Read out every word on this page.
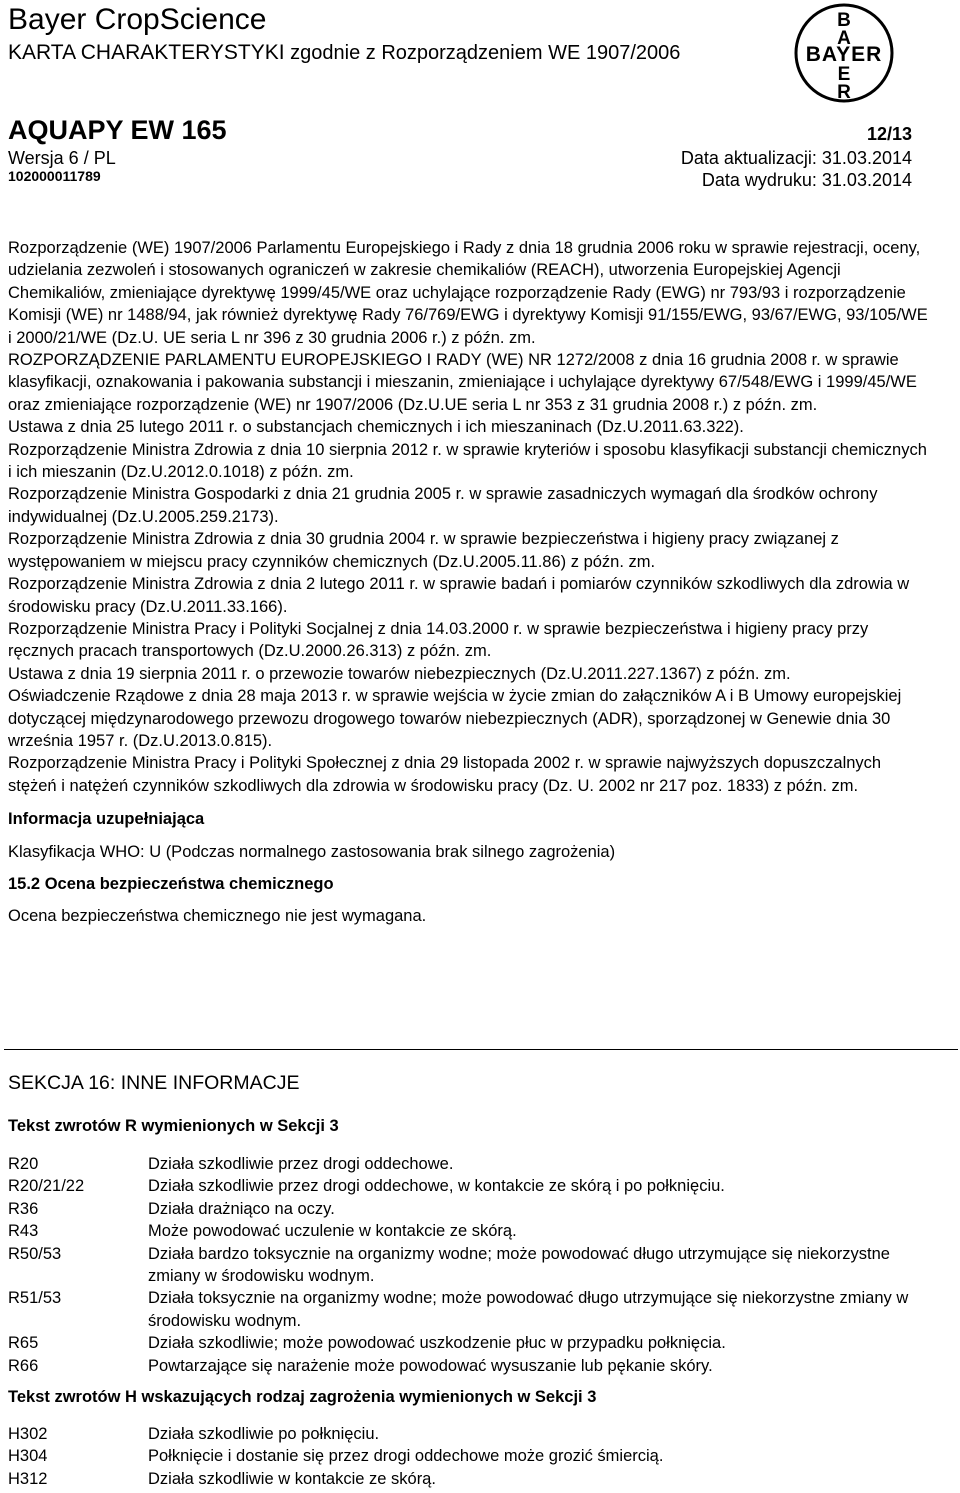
Bayer CropScience
KARTA CHARAKTERYSTYKI zgodnie z Rozporządzeniem WE 1907/2006
B
A
BAYER
E
R
AQUAPY EW 165	12/13
Wersja 6 / PL
102000011789
Data aktualizacji: 31.03.2014
Data wydruku: 31.03.2014

Rozporządzenie (WE) 1907/2006 Parlamentu Europejskiego i Rady z dnia 18 grudnia 2006 roku w sprawie rejestracji, oceny, udzielania zezwoleń i stosowanych ograniczeń w zakresie chemikaliów (REACH), utworzenia Europejskiej Agencji Chemikaliów, zmieniające dyrektywę 1999/45/WE oraz uchylające rozporządzenie Rady (EWG) nr 793/93 i rozporządzenie Komisji (WE) nr 1488/94, jak również dyrektywę Rady 76/769/EWG i dyrektywy Komisji 91/155/EWG, 93/67/EWG, 93/105/WE i 2000/21/WE (Dz.U. UE seria L nr 396 z 30 grudnia 2006 r.) z późn. zm.

ROZPORZĄDZENIE PARLAMENTU EUROPEJSKIEGO I RADY (WE) NR 1272/2008 z dnia 16 grudnia 2008 r. w sprawie klasyfikacji, oznakowania i pakowania substancji i mieszanin, zmieniające i uchylające dyrektywy 67/548/EWG i 1999/45/WE oraz zmieniające rozporządzenie (WE) nr 1907/2006 (Dz.U.UE seria L nr 353 z 31 grudnia 2008 r.) z późn. zm.

Ustawa z dnia 25 lutego 2011 r. o substancjach chemicznych i ich mieszaninach (Dz.U.2011.63.322).

Rozporządzenie Ministra Zdrowia z dnia 10 sierpnia 2012 r. w sprawie kryteriów i sposobu klasyfikacji substancji chemicznych i ich mieszanin (Dz.U.2012.0.1018) z późn. zm.

Rozporządzenie Ministra Gospodarki z dnia 21 grudnia 2005 r. w sprawie zasadniczych wymagań dla środków ochrony indywidualnej (Dz.U.2005.259.2173).

Rozporządzenie Ministra Zdrowia z dnia 30 grudnia 2004 r. w sprawie bezpieczeństwa i higieny pracy związanej z występowaniem w miejscu pracy czynników chemicznych (Dz.U.2005.11.86) z późn. zm.

Rozporządzenie Ministra Zdrowia z dnia 2 lutego 2011 r. w sprawie badań i pomiarów czynników szkodliwych dla zdrowia w środowisku pracy (Dz.U.2011.33.166).

Rozporządzenie Ministra Pracy i Polityki Socjalnej z dnia 14.03.2000 r. w sprawie bezpieczeństwa i higieny pracy przy ręcznych pracach transportowych (Dz.U.2000.26.313) z późn. zm.

Ustawa z dnia 19 sierpnia 2011 r. o przewozie towarów niebezpiecznych (Dz.U.2011.227.1367) z późn. zm.

Oświadczenie Rządowe z dnia 28 maja 2013 r. w sprawie wejścia w życie zmian do załączników A i B Umowy europejskiej dotyczącej międzynarodowego przewozu drogowego towarów niebezpiecznych (ADR), sporządzonej w Genewie dnia 30 września 1957 r. (Dz.U.2013.0.815).

Rozporządzenie Ministra Pracy i Polityki Społecznej z dnia 29 listopada 2002 r. w sprawie najwyższych dopuszczalnych stężeń i natężeń czynników szkodliwych dla zdrowia w środowisku pracy (Dz. U. 2002 nr 217 poz. 1833) z późn. zm.

Informacja uzupełniająca

Klasyfikacja WHO: U (Podczas normalnego zastosowania brak silnego zagrożenia)

15.2 Ocena bezpieczeństwa chemicznego

Ocena bezpieczeństwa chemicznego nie jest wymagana.

SEKCJA 16: INNE INFORMACJE
Tekst zwrotów R wymienionych w Sekcji 3
R20	Działa szkodliwie przez drogi oddechowe.
R20/21/22	Działa szkodliwie przez drogi oddechowe, w kontakcie ze skórą i po połknięciu.
R36	Działa drażniąco na oczy.
R43	Może powodować uczulenie w kontakcie ze skórą.
R50/53	Działa bardzo toksycznie na organizmy wodne; może powodować długo utrzymujące się niekorzystne zmiany w środowisku wodnym.
R51/53	Działa toksycznie na organizmy wodne; może powodować długo utrzymujące się niekorzystne zmiany w środowisku wodnym.
R65	Działa szkodliwie; może powodować uszkodzenie płuc w przypadku połknięcia.
R66	Powtarzające się narażenie może powodować wysuszanie lub pękanie skóry.
Tekst zwrotów H wskazujących rodzaj zagrożenia wymienionych w Sekcji 3
H302	Działa szkodliwie po połknięciu.
H304	Połknięcie i dostanie się przez drogi oddechowe może grozić śmiercią.
H312	Działa szkodliwie w kontakcie ze skórą.
